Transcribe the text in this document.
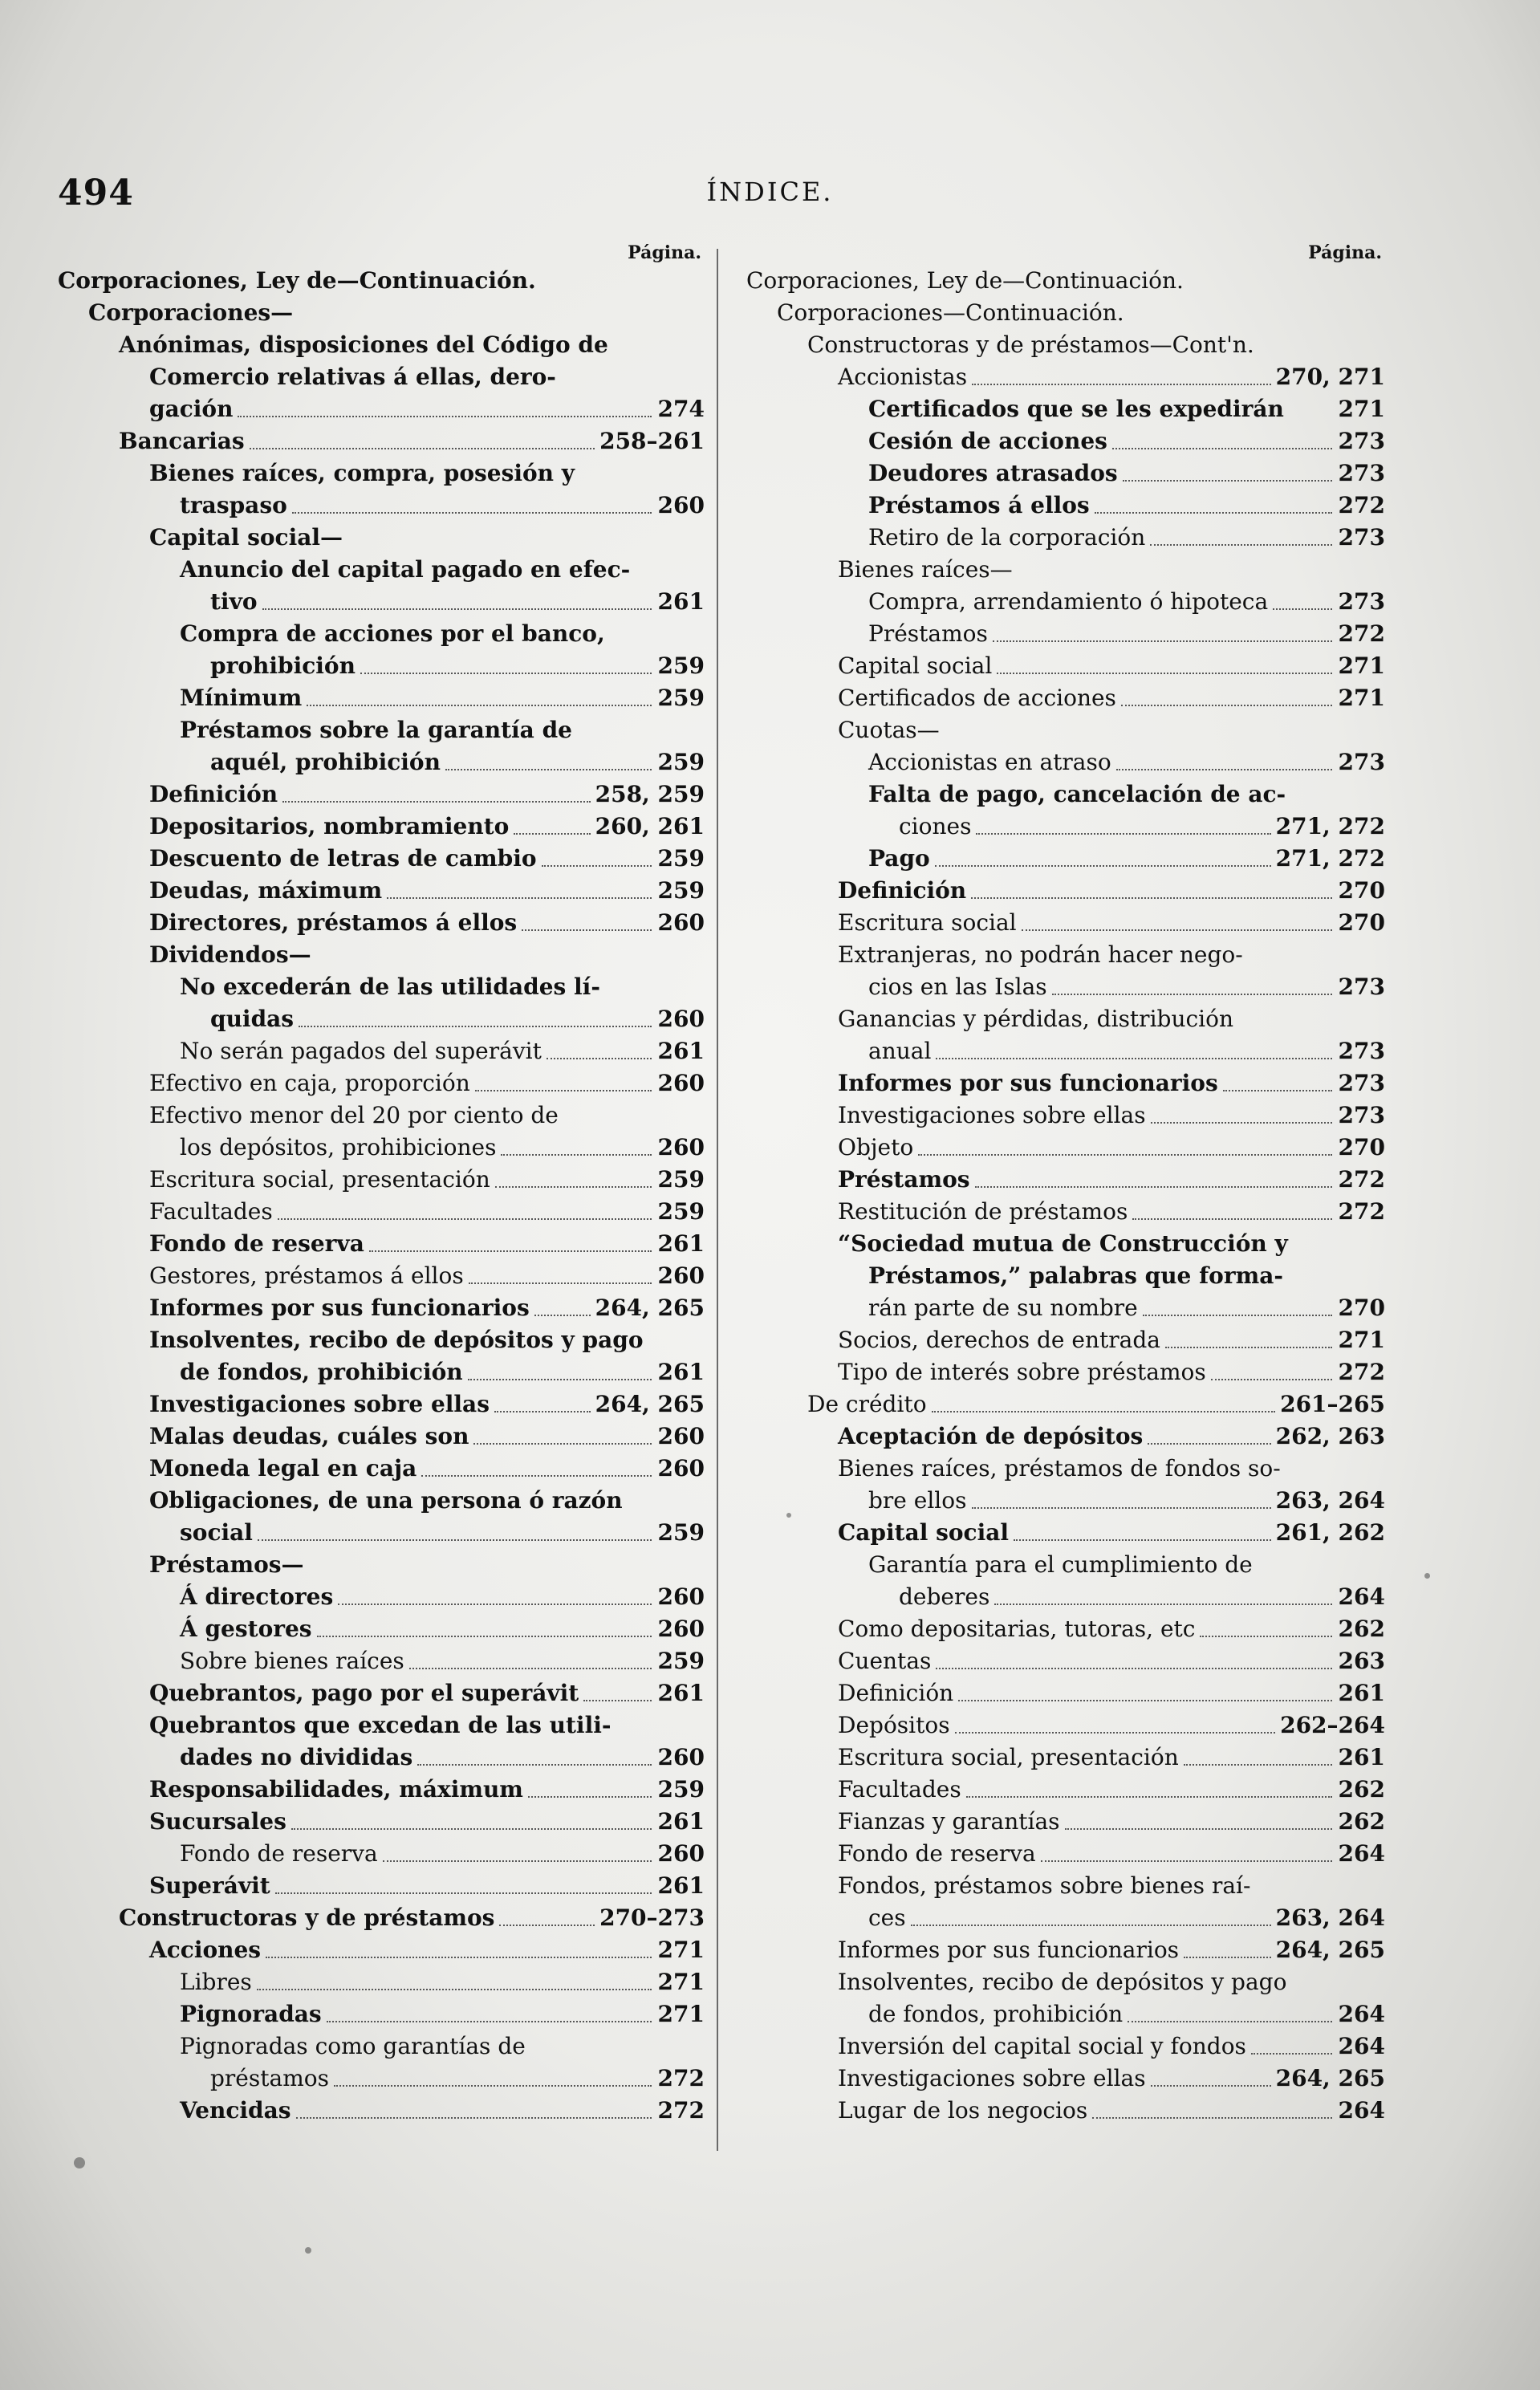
494	ÍNDICE.
Página.
Corporaciones, Ley de—Continuación.
Corporaciones—
Anónimas, disposiciones del Código de
Comercio relativas á ellas, dero-
gación	274
Bancarias	258–261
Bienes raíces, compra, posesión y
traspaso	260
Capital social—
Anuncio del capital pagado en efec-
tivo	261
Compra de acciones por el banco,
prohibición	259
Mínimum	259
Préstamos sobre la garantía de
aquél, prohibición	259
Definición	258, 259
Depositarios, nombramiento	260, 261
Descuento de letras de cambio	259
Deudas, máximum	259
Directores, préstamos á ellos	260
Dividendos—
No excederán de las utilidades lí-
quidas	260
No serán pagados del superávit	261
Efectivo en caja, proporción	260
Efectivo menor del 20 por ciento de
los depósitos, prohibiciones	260
Escritura social, presentación	259
Facultades	259
Fondo de reserva	261
Gestores, préstamos á ellos	260
Informes por sus funcionarios	264, 265
Insolventes, recibo de depósitos y pago
de fondos, prohibición	261
Investigaciones sobre ellas	264, 265
Malas deudas, cuáles son	260
Moneda legal en caja	260
Obligaciones, de una persona ó razón
social	259
Préstamos—
Á directores	260
Á gestores	260
Sobre bienes raíces	259
Quebrantos, pago por el superávit	261
Quebrantos que excedan de las utili-
dades no divididas	260
Responsabilidades, máximum	259
Sucursales	261
Fondo de reserva	260
Superávit	261
Constructoras y de préstamos	270–273
Acciones	271
Libres	271
Pignoradas	271
Pignoradas como garantías de
préstamos	272
Vencidas	272
Página.
Corporaciones, Ley de—Continuación.
Corporaciones—Continuación.
Constructoras y de préstamos—Cont'n.
Accionistas	270, 271
Certificados que se les expedirán 271
Cesión de acciones	273
Deudores atrasados	273
Préstamos á ellos	272
Retiro de la corporación	273
Bienes raíces—
Compra, arrendamiento ó hipoteca	273
Préstamos	272
Capital social	271
Certificados de acciones	271
Cuotas—
Accionistas en atraso	273
Falta de pago, cancelación de ac-
ciones	271, 272
Pago	271, 272
Definición	270
Escritura social	270
Extranjeras, no podrán hacer nego-
cios en las Islas	273
Ganancias y pérdidas, distribución
anual	273
Informes por sus funcionarios	273
Investigaciones sobre ellas	273
Objeto	270
Préstamos	272
Restitución de préstamos	272
“Sociedad mutua de Construcción y
Préstamos,” palabras que forma-
rán parte de su nombre	270
Socios, derechos de entrada	271
Tipo de interés sobre préstamos	272
De crédito	261–265
Aceptación de depósitos	262, 263
Bienes raíces, préstamos de fondos so-
bre ellos	263, 264
Capital social	261, 262
Garantía para el cumplimiento de
deberes	264
Como depositarias, tutoras, etc	262
Cuentas	263
Definición	261
Depósitos	262–264
Escritura social, presentación	261
Facultades	262
Fianzas y garantías	262
Fondo de reserva	264
Fondos, préstamos sobre bienes raí-
ces	263, 264
Informes por sus funcionarios	264, 265
Insolventes, recibo de depósitos y pago
de fondos, prohibición	264
Inversión del capital social y fondos	264
Investigaciones sobre ellas	264, 265
Lugar de los negocios	264
